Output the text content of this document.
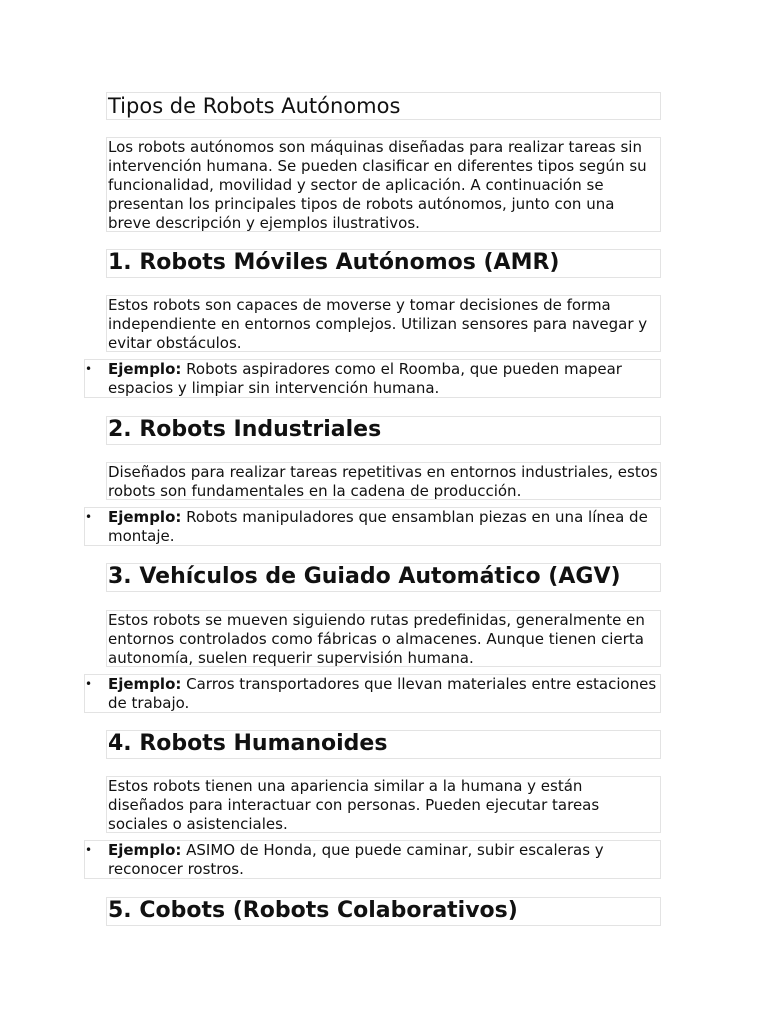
Tipos de Robots Autónomos

Los robots autónomos son máquinas diseñadas para realizar tareas sin intervención humana. Se pueden clasificar en diferentes tipos según su funcionalidad, movilidad y sector de aplicación. A continuación se presentan los principales tipos de robots autónomos, junto con una breve descripción y ejemplos ilustrativos.

1. Robots Móviles Autónomos (AMR)

Estos robots son capaces de moverse y tomar decisiones de forma independiente en entornos complejos. Utilizan sensores para navegar y evitar obstáculos.

•	Ejemplo: Robots aspiradores como el Roomba, que pueden mapear espacios y limpiar sin intervención humana.

2. Robots Industriales

Diseñados para realizar tareas repetitivas en entornos industriales, estos robots son fundamentales en la cadena de producción.

•	Ejemplo: Robots manipuladores que ensamblan piezas en una línea de montaje.

3. Vehículos de Guiado Automático (AGV)

Estos robots se mueven siguiendo rutas predefinidas, generalmente en entornos controlados como fábricas o almacenes. Aunque tienen cierta autonomía, suelen requerir supervisión humana.

•	Ejemplo: Carros transportadores que llevan materiales entre estaciones de trabajo.

4. Robots Humanoides

Estos robots tienen una apariencia similar a la humana y están diseñados para interactuar con personas. Pueden ejecutar tareas sociales o asistenciales.

•	Ejemplo: ASIMO de Honda, que puede caminar, subir escaleras y reconocer rostros.

5. Cobots (Robots Colaborativos)
